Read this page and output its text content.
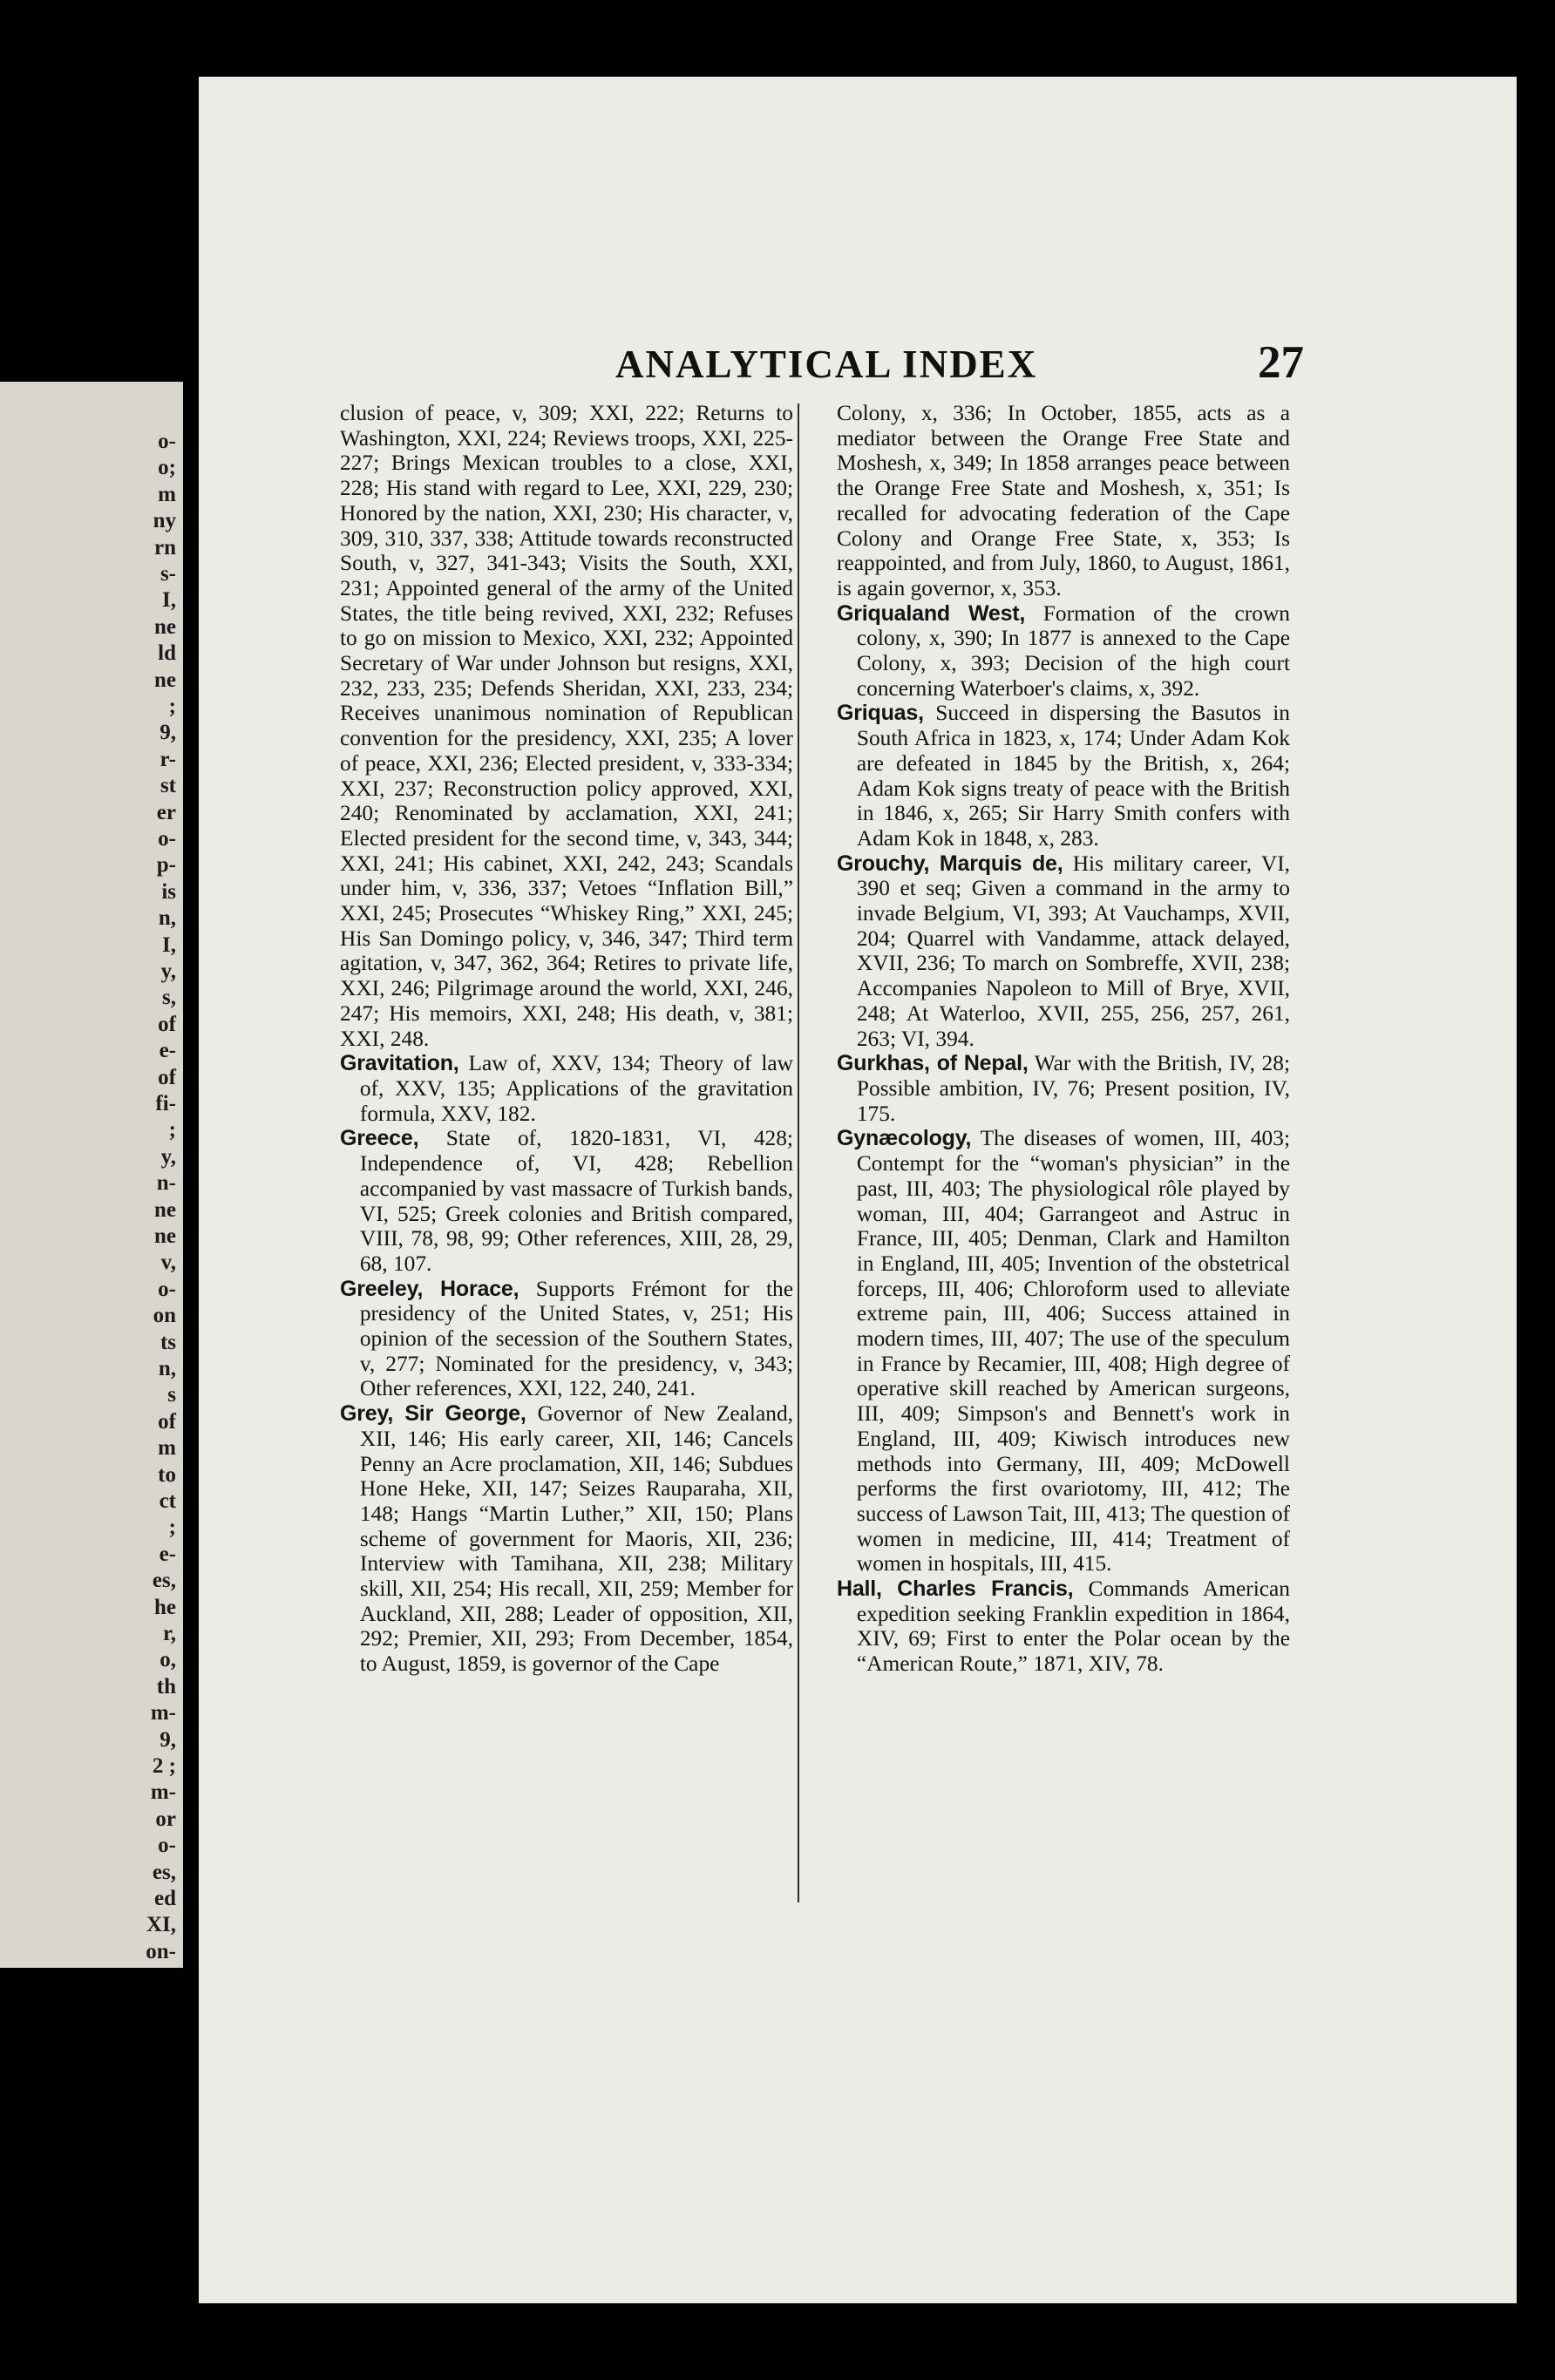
o-
o;
m
ny
rn
s-
I,
ne
ld
ne
;
9,
r-
st
er
o-
p-
is
n,
I,
y,
s,
of
e-
of
fi-
;
y,
n-
ne
ne
v,
o-
on
ts
n,
s
of
m
to
ct
;
e-
es,
he
r,
o,
th
m-
9,
2 ;
m-
or
o-
es,
ed
XI,
on-
ANALYTICAL INDEX	27

clusion of peace, v, 309; XXI, 222; Returns to Washington, XXI, 224; Reviews troops, XXI, 225-227; Brings Mexican troubles to a close, XXI, 228; His stand with regard to Lee, XXI, 229, 230; Honored by the nation, XXI, 230; His character, v, 309, 310, 337, 338; Attitude towards reconstructed South, v, 327, 341-343; Visits the South, XXI, 231; Appointed general of the army of the United States, the title being revived, XXI, 232; Refuses to go on mission to Mexico, XXI, 232; Appointed Secretary of War under Johnson but resigns, XXI, 232, 233, 235; Defends Sheridan, XXI, 233, 234; Receives unanimous nomination of Republican convention for the presidency, XXI, 235; A lover of peace, XXI, 236; Elected president, v, 333-334; XXI, 237; Reconstruction policy approved, XXI, 240; Renominated by acclamation, XXI, 241; Elected president for the second time, v, 343, 344; XXI, 241; His cabinet, XXI, 242, 243; Scandals under him, v, 336, 337; Vetoes “Inflation Bill,” XXI, 245; Prosecutes “Whiskey Ring,” XXI, 245; His San Domingo policy, v, 346, 347; Third term agitation, v, 347, 362, 364; Retires to private life, XXI, 246; Pilgrimage around the world, XXI, 246, 247; His memoirs, XXI, 248; His death, v, 381; XXI, 248.

Gravitation, Law of, XXV, 134; Theory of law of, XXV, 135; Applications of the gravitation formula, XXV, 182.

Greece, State of, 1820-1831, VI, 428; Independence of, VI, 428; Rebellion accompanied by vast massacre of Turkish bands, VI, 525; Greek colonies and British compared, VIII, 78, 98, 99; Other references, XIII, 28, 29, 68, 107.

Greeley, Horace, Supports Frémont for the presidency of the United States, v, 251; His opinion of the secession of the Southern States, v, 277; Nominated for the presidency, v, 343; Other references, XXI, 122, 240, 241.

Grey, Sir George, Governor of New Zealand, XII, 146; His early career, XII, 146; Cancels Penny an Acre proclamation, XII, 146; Subdues Hone Heke, XII, 147; Seizes Rauparaha, XII, 148; Hangs “Martin Luther,” XII, 150; Plans scheme of government for Maoris, XII, 236; Interview with Tamihana, XII, 238; Military skill, XII, 254; His recall, XII, 259; Member for Auckland, XII, 288; Leader of opposition, XII, 292; Premier, XII, 293; From December, 1854, to August, 1859, is governor of the Cape

Colony, x, 336; In October, 1855, acts as a mediator between the Orange Free State and Moshesh, x, 349; In 1858 arranges peace between the Orange Free State and Moshesh, x, 351; Is recalled for advocating federation of the Cape Colony and Orange Free State, x, 353; Is reappointed, and from July, 1860, to August, 1861, is again governor, x, 353.

Griqualand West, Formation of the crown colony, x, 390; In 1877 is annexed to the Cape Colony, x, 393; Decision of the high court concerning Waterboer's claims, x, 392.

Griquas, Succeed in dispersing the Basutos in South Africa in 1823, x, 174; Under Adam Kok are defeated in 1845 by the British, x, 264; Adam Kok signs treaty of peace with the British in 1846, x, 265; Sir Harry Smith confers with Adam Kok in 1848, x, 283.

Grouchy, Marquis de, His military career, VI, 390 et seq; Given a command in the army to invade Belgium, VI, 393; At Vauchamps, XVII, 204; Quarrel with Vandamme, attack delayed, XVII, 236; To march on Sombreffe, XVII, 238; Accompanies Napoleon to Mill of Brye, XVII, 248; At Waterloo, XVII, 255, 256, 257, 261, 263; VI, 394.

Gurkhas, of Nepal, War with the British, IV, 28; Possible ambition, IV, 76; Present position, IV, 175.

Gynæcology, The diseases of women, III, 403; Contempt for the “woman's physician” in the past, III, 403; The physiological rôle played by woman, III, 404; Garrangeot and Astruc in France, III, 405; Denman, Clark and Hamilton in England, III, 405; Invention of the obstetrical forceps, III, 406; Chloroform used to alleviate extreme pain, III, 406; Success attained in modern times, III, 407; The use of the speculum in France by Recamier, III, 408; High degree of operative skill reached by American surgeons, III, 409; Simpson's and Bennett's work in England, III, 409; Kiwisch introduces new methods into Germany, III, 409; McDowell performs the first ovariotomy, III, 412; The success of Lawson Tait, III, 413; The question of women in medicine, III, 414; Treatment of women in hospitals, III, 415.

Hall, Charles Francis, Commands American expedition seeking Franklin expedition in 1864, XIV, 69; First to enter the Polar ocean by the “American Route,” 1871, XIV, 78.
